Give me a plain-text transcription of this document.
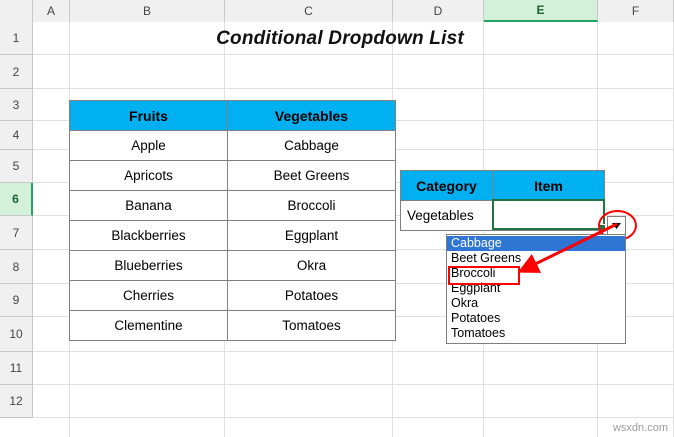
A	B	C	D	E	F
1
2
3
4
5
6
7
8
9
10
11
12
Conditional Dropdown List
Fruits	Vegetables
Apple	Cabbage
Apricots	Beet Greens
Banana	Broccoli
Blackberries	Eggplant
Blueberries	Okra
Cherries	Potatoes
Clementine	Tomatoes
Category	Item
Vegetables	
Cabbage
Beet Greens
Broccoli
Eggplant
Okra
Potatoes
Tomatoes
wsxdn.com
